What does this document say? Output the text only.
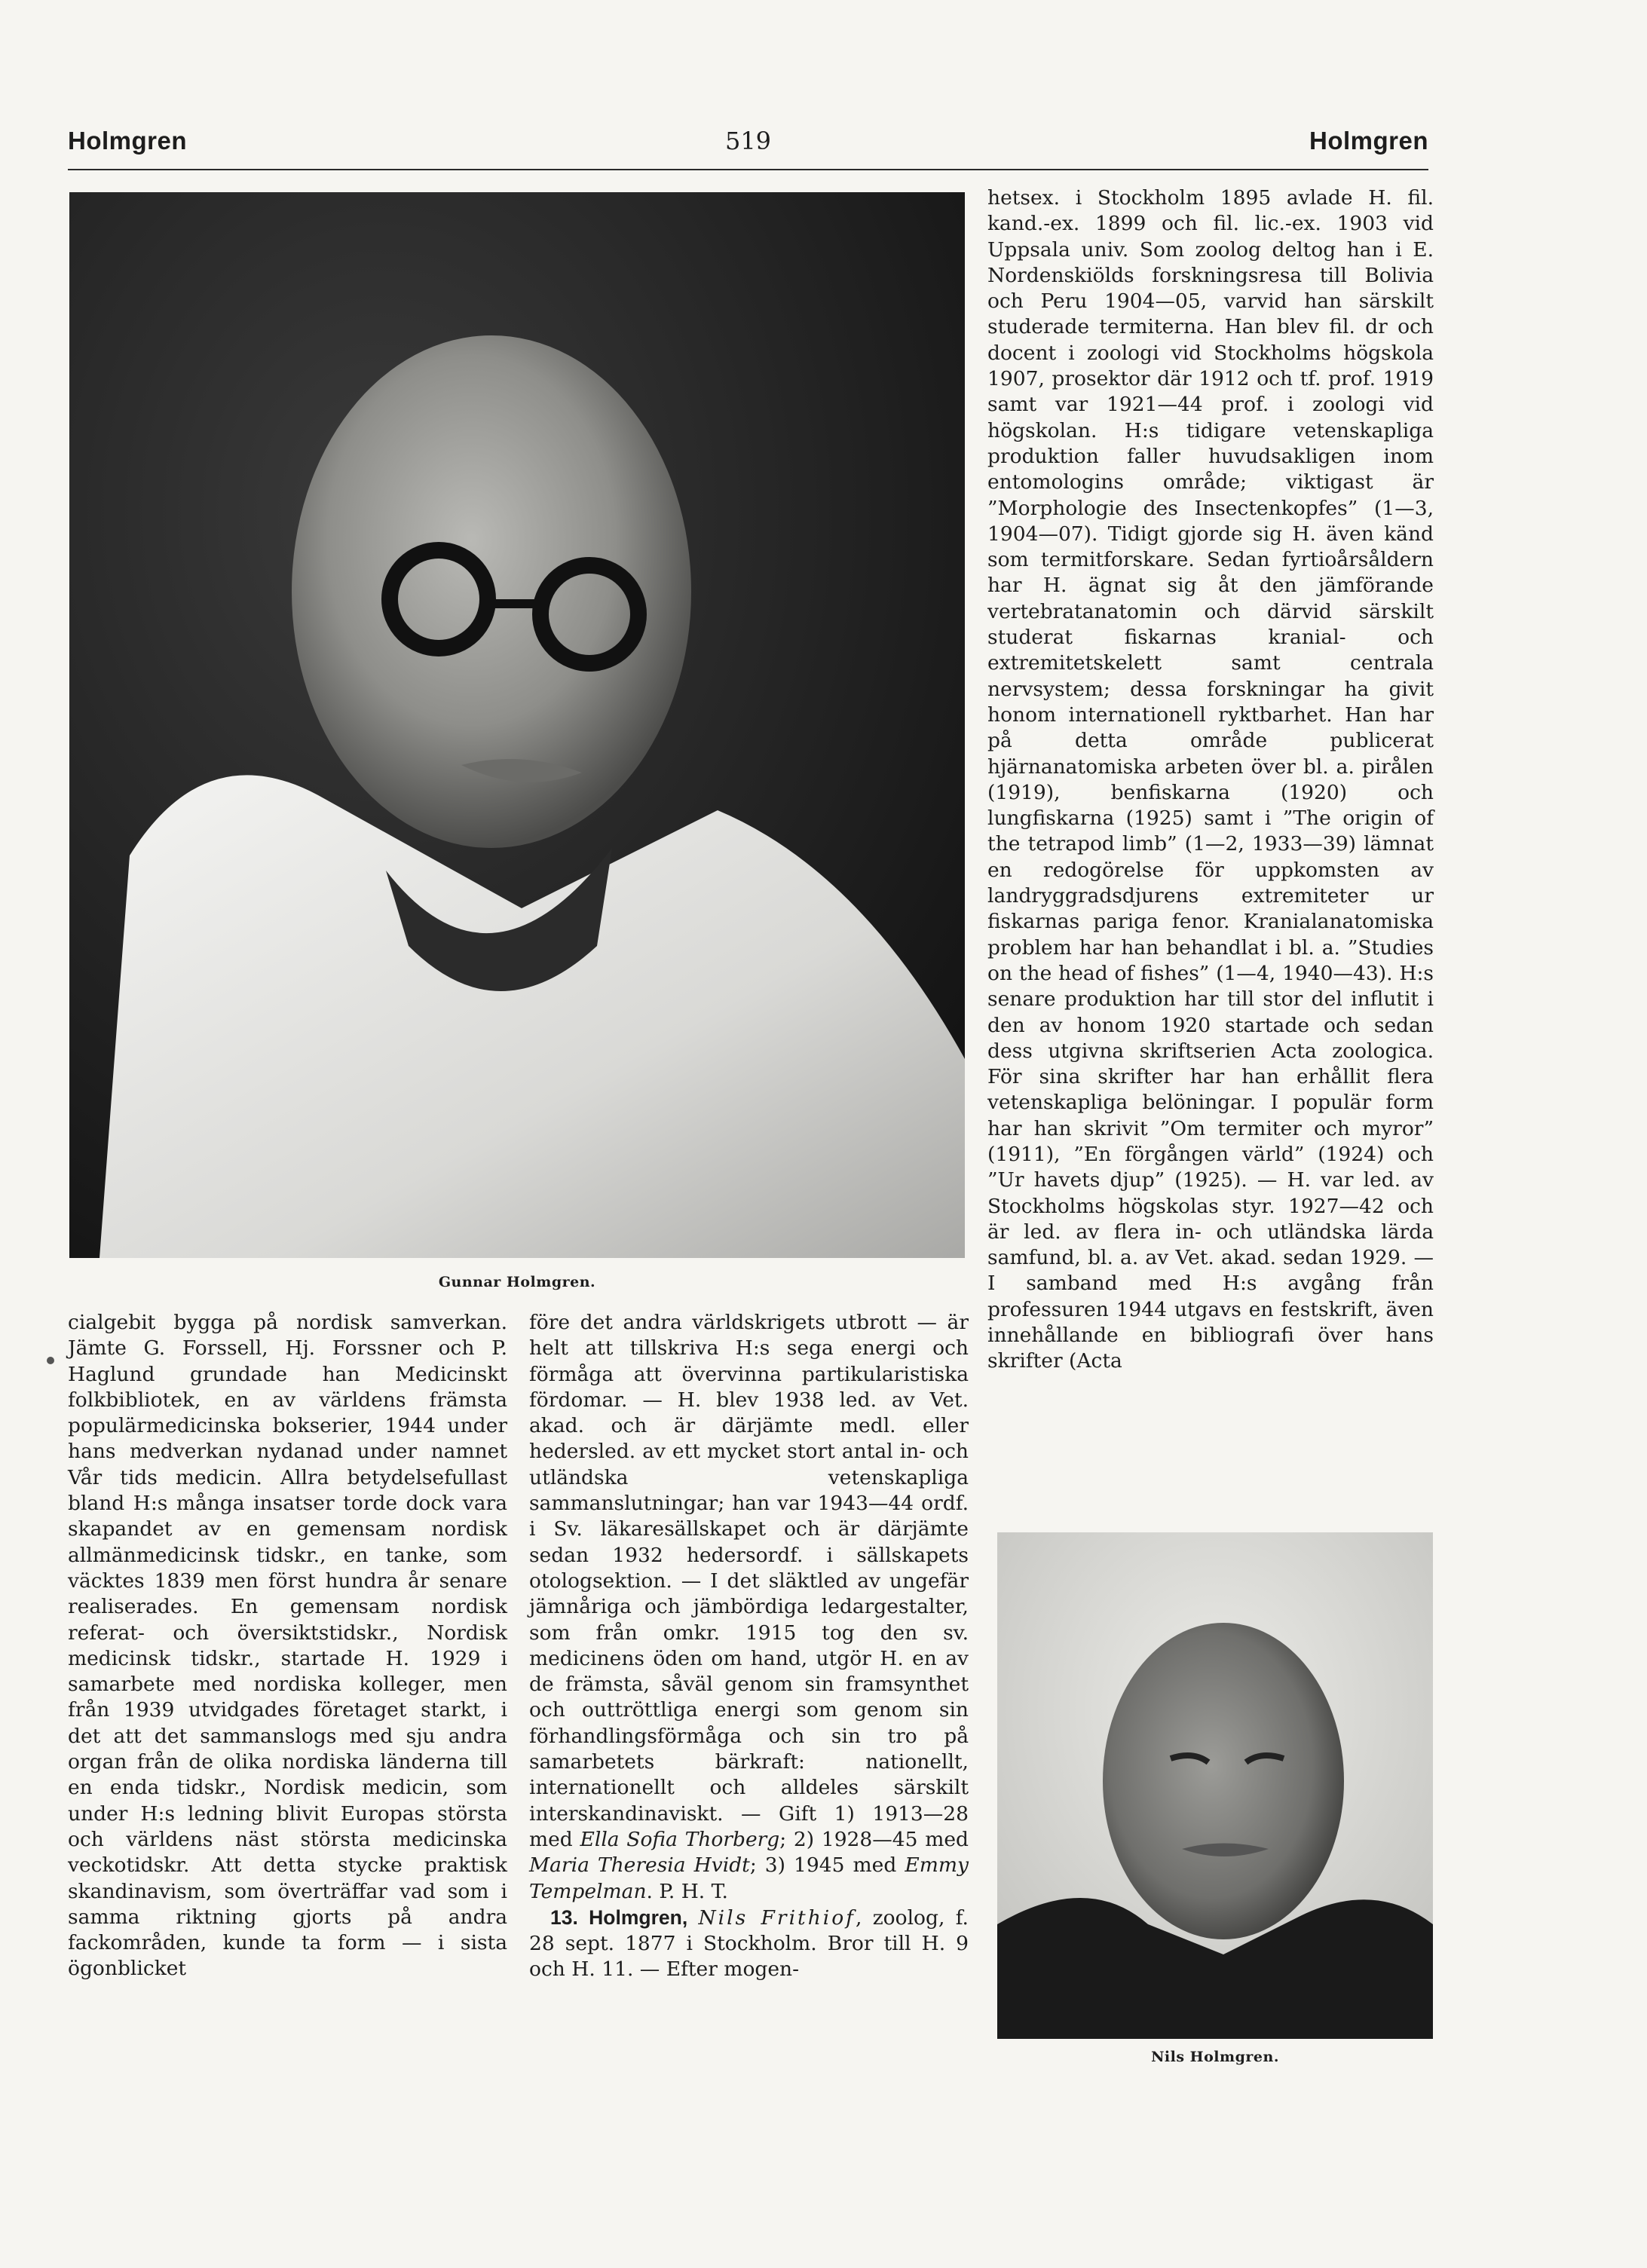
Holmgren	519	Holmgren
Gunnar Holmgren.
Nils Holmgren.

cialgebit bygga på nordisk samverkan. Jämte G. Forssell, Hj. Forssner och P. Haglund grundade han Medicinskt folkbibliotek, en av världens främsta populärmedicinska bokserier, 1944 under hans medverkan nydanad under namnet Vår tids medicin. Allra betydelsefullast bland H:s många insatser torde dock vara skapandet av en gemensam nordisk allmänmedicinsk tidskr., en tanke, som väcktes 1839 men först hundra år senare realiserades. En gemensam nordisk referat- och översiktstidskr., Nordisk medicinsk tidskr., startade H. 1929 i samarbete med nordiska kolleger, men från 1939 utvidgades företaget starkt, i det att det sammanslogs med sju andra organ från de olika nordiska länderna till en enda tidskr., Nordisk medicin, som under H:s ledning blivit Europas största och världens näst största medicinska veckotidskr. Att detta stycke praktisk skandinavism, som överträffar vad som i samma riktning gjorts på andra fackområden, kunde ta form — i sista ögonblicket

före det andra världskrigets utbrott — är helt att tillskriva H:s sega energi och förmåga att övervinna partikularistiska fördomar. — H. blev 1938 led. av Vet. akad. och är därjämte medl. eller hedersled. av ett mycket stort antal in- och utländska vetenskapliga sammanslutningar; han var 1943—44 ordf. i Sv. läkaresällskapet och är därjämte sedan 1932 hedersordf. i sällskapets otologsektion. — I det släktled av ungefär jämnåriga och jämbördiga ledargestalter, som från omkr. 1915 tog den sv. medicinens öden om hand, utgör H. en av de främsta, såväl genom sin framsynthet och outtröttliga energi som genom sin förhandlingsförmåga och sin tro på samarbetets bärkraft: nationellt, internationellt och alldeles särskilt interskandinaviskt. — Gift 1) 1913—28 med Ella Sofia Thorberg; 2) 1928—45 med Maria Theresia Hvidt; 3) 1945 med Emmy Tempelman. P. H. T.

13. Holmgren, Nils Frithiof, zoolog, f. 28 sept. 1877 i Stockholm. Bror till H. 9 och H. 11. — Efter mogen-

hetsex. i Stockholm 1895 avlade H. fil. kand.-ex. 1899 och fil. lic.-ex. 1903 vid Uppsala univ. Som zoolog deltog han i E. Nordenskiölds forskningsresa till Bolivia och Peru 1904—05, varvid han särskilt studerade termiterna. Han blev fil. dr och docent i zoologi vid Stockholms högskola 1907, prosektor där 1912 och tf. prof. 1919 samt var 1921—44 prof. i zoologi vid högskolan. H:s tidigare vetenskapliga produktion faller huvudsakligen inom entomologins område; viktigast är ”Morphologie des Insectenkopfes” (1—3, 1904—07). Tidigt gjorde sig H. även känd som termitforskare. Sedan fyrtioårsåldern har H. ägnat sig åt den jämförande vertebratanatomin och därvid särskilt studerat fiskarnas kranial- och extremitetskelett samt centrala nervsystem; dessa forskningar ha givit honom internationell ryktbarhet. Han har på detta område publicerat hjärnanatomiska arbeten över bl. a. pirålen (1919), benfiskarna (1920) och lungfiskarna (1925) samt i ”The origin of the tetrapod limb” (1—2, 1933—39) lämnat en redogörelse för uppkomsten av landryggradsdjurens extremiteter ur fiskarnas pariga fenor. Kranialanatomiska problem har han behandlat i bl. a. ”Studies on the head of fishes” (1—4, 1940—43). H:s senare produktion har till stor del influtit i den av honom 1920 startade och sedan dess utgivna skriftserien Acta zoologica. För sina skrifter har han erhållit flera vetenskapliga belöningar. I populär form har han skrivit ”Om termiter och myror” (1911), ”En förgången värld” (1924) och ”Ur havets djup” (1925). — H. var led. av Stockholms högskolas styr. 1927—42 och är led. av flera in- och utländska lärda samfund, bl. a. av Vet. akad. sedan 1929. — I samband med H:s avgång från professuren 1944 utgavs en festskrift, även innehållande en bibliografi över hans skrifter (Acta
